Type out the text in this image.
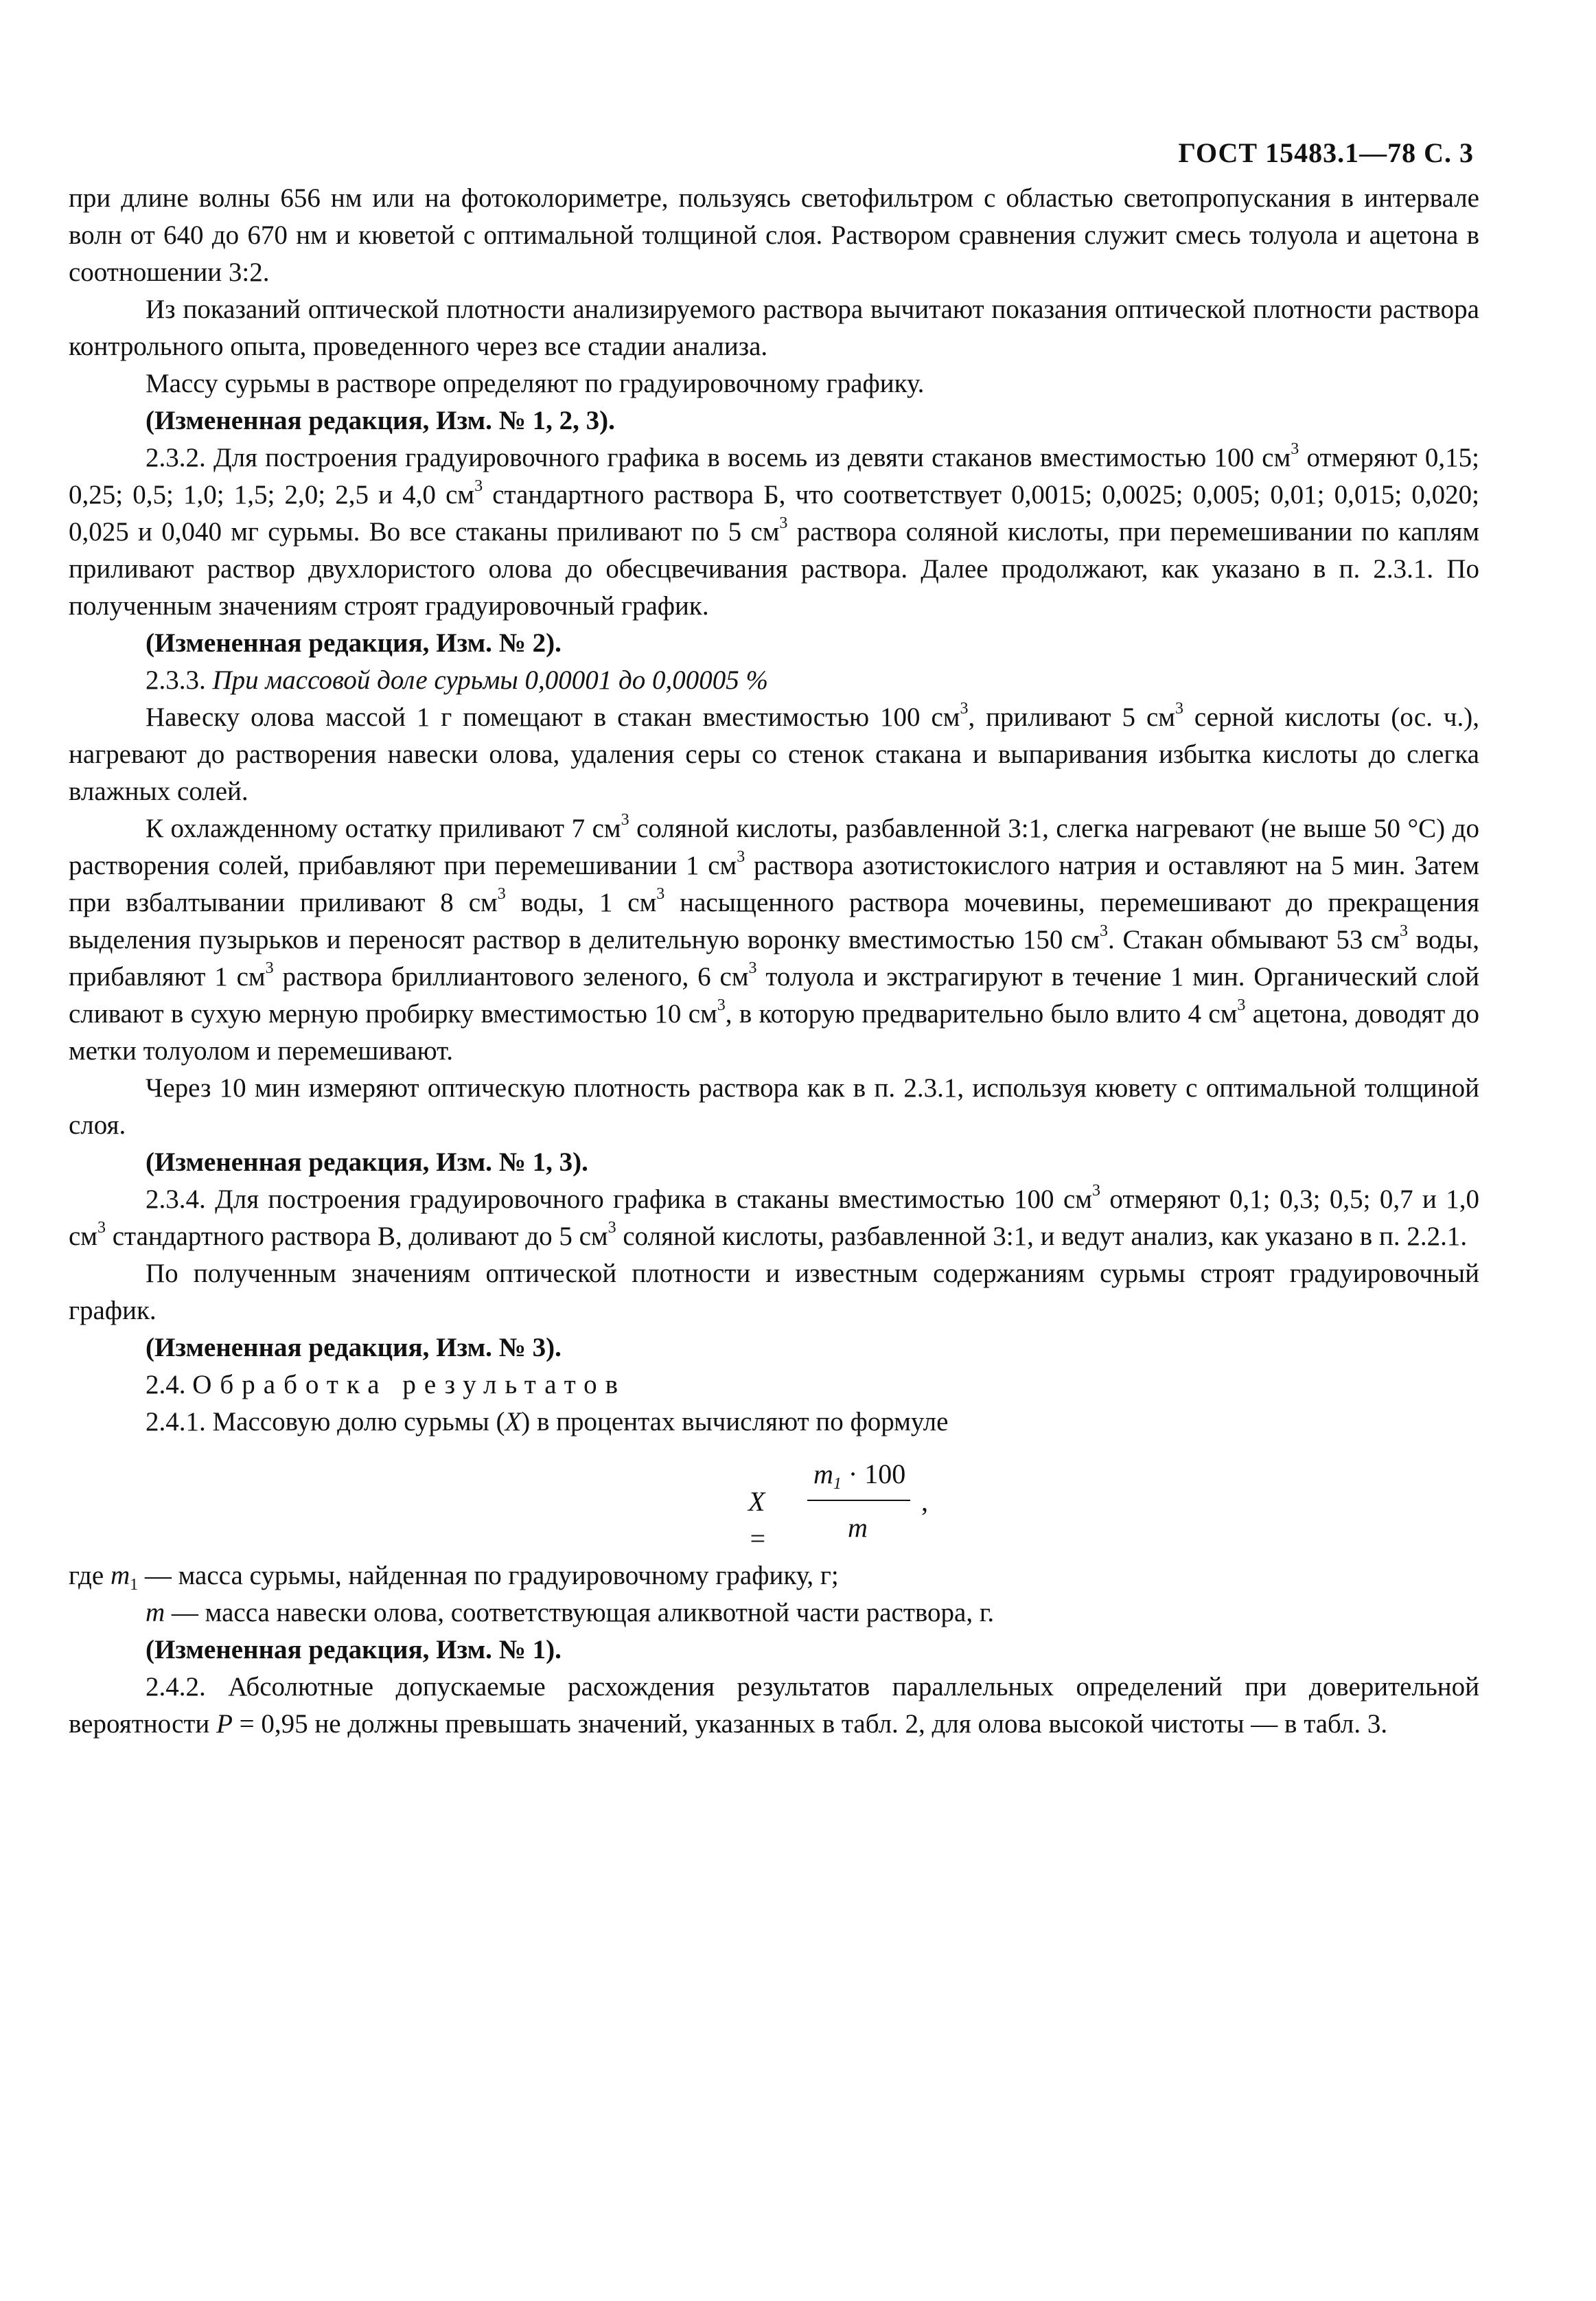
ГОСТ 15483.1—78 С. 3

при длине волны 656 нм или на фотоколориметре, пользуясь светофильтром с областью светопропускания в интервале волн от 640 до 670 нм и кюветой с оптимальной толщиной слоя. Раствором сравнения служит смесь толуола и ацетона в соотношении 3:2.

Из показаний оптической плотности анализируемого раствора вычитают показания оптической плотности раствора контрольного опыта, проведенного через все стадии анализа.

Массу сурьмы в растворе определяют по градуировочному графику.

(Измененная редакция, Изм. № 1, 2, 3).

2.3.2. Для построения градуировочного графика в восемь из девяти стаканов вместимостью 100 $см^3$ отмеряют 0,15; 0,25; 0,5; 1,0; 1,5; 2,0; 2,5 и 4,0 $см^3$ стандартного раствора Б, что соответствует 0,0015; 0,0025; 0,005; 0,01; 0,015; 0,020; 0,025 и 0,040 мг сурьмы. Во все стаканы приливают по 5 $см^3$ раствора соляной кислоты, при перемешивании по каплям приливают раствор двухлористого олова до обесцвечивания раствора. Далее продолжают, как указано в п. 2.3.1. По полученным значениям строят градуировочный график.

(Измененная редакция, Изм. № 2).

2.3.3. При массовой доле сурьмы 0,00001 до 0,00005 %

Навеску олова массой 1 г помещают в стакан вместимостью 100 $см^3$, приливают 5 $см^3$ серной кислоты (ос. ч.), нагревают до растворения навески олова, удаления серы со стенок стакана и выпаривания избытка кислоты до слегка влажных солей.

К охлажденному остатку приливают 7 $см^3$ соляной кислоты, разбавленной 3:1, слегка нагревают (не выше 50 °С) до растворения солей, прибавляют при перемешивании 1 $см^3$ раствора азотистокислого натрия и оставляют на 5 мин. Затем при взбалтывании приливают 8 $см^3$ воды, 1 $см^3$ насыщенного раствора мочевины, перемешивают до прекращения выделения пузырьков и переносят раствор в делительную воронку вместимостью 150 $см^3$. Стакан обмывают 53 $см^3$ воды, прибавляют 1 $см^3$ раствора бриллиантового зеленого, 6 $см^3$ толуола и экстрагируют в течение 1 мин. Органический слой сливают в сухую мерную пробирку вместимостью 10 $см^3$, в которую предварительно было влито 4 $см^3$ ацетона, доводят до метки толуолом и перемешивают.

Через 10 мин измеряют оптическую плотность раствора как в п. 2.3.1, используя кювету с оптимальной толщиной слоя.

(Измененная редакция, Изм. № 1, 3).

2.3.4. Для построения градуировочного графика в стаканы вместимостью 100 $см^3$ отмеряют 0,1; 0,3; 0,5; 0,7 и 1,0 $см^3$ стандартного раствора В, доливают до 5 $см^3$ соляной кислоты, разбавленной 3:1, и ведут анализ, как указано в п. 2.2.1.

По полученным значениям оптической плотности и известным содержаниям сурьмы строят градуировочный график.

(Измененная редакция, Изм. № 3).

2.4. Обработка результатов

2.4.1. Массовую долю сурьмы (X) в процентах вычисляют по формуле

X =
$m_1 \cdot 100$
m
,

где $m_1$ — масса сурьмы, найденная по градуировочному графику, г;

m — масса навески олова, соответствующая аликвотной части раствора, г.

(Измененная редакция, Изм. № 1).

2.4.2. Абсолютные допускаемые расхождения результатов параллельных определений при доверительной вероятности P = 0,95 не должны превышать значений, указанных в табл. 2, для олова высокой чистоты — в табл. 3.
